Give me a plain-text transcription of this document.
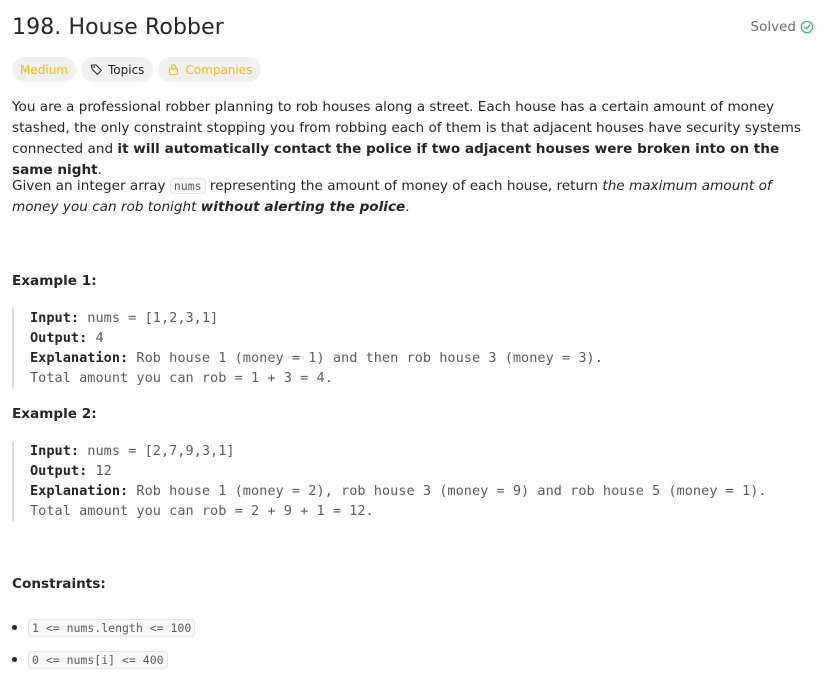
198. House Robber	Solved
Medium	Topics	Companies

You are a professional robber planning to rob houses along a street. Each house has a certain amount of money stashed, the only constraint stopping you from robbing each of them is that adjacent houses have security systems connected and it will automatically contact the police if two adjacent houses were broken into on the same night.

Given an integer array nums representing the amount of money of each house, return the maximum amount of money you can rob tonight without alerting the police.

Example 1:
Input: nums = [1,2,3,1]
Output: 4
Explanation: Rob house 1 (money = 1) and then rob house 3 (money = 3).
Total amount you can rob = 1 + 3 = 4.
Example 2:
Input: nums = [2,7,9,3,1]
Output: 12
Explanation: Rob house 1 (money = 2), rob house 3 (money = 9) and rob house 5 (money = 1).
Total amount you can rob = 2 + 9 + 1 = 12.
Constraints:
1 <= nums.length <= 100
0 <= nums[i] <= 400
